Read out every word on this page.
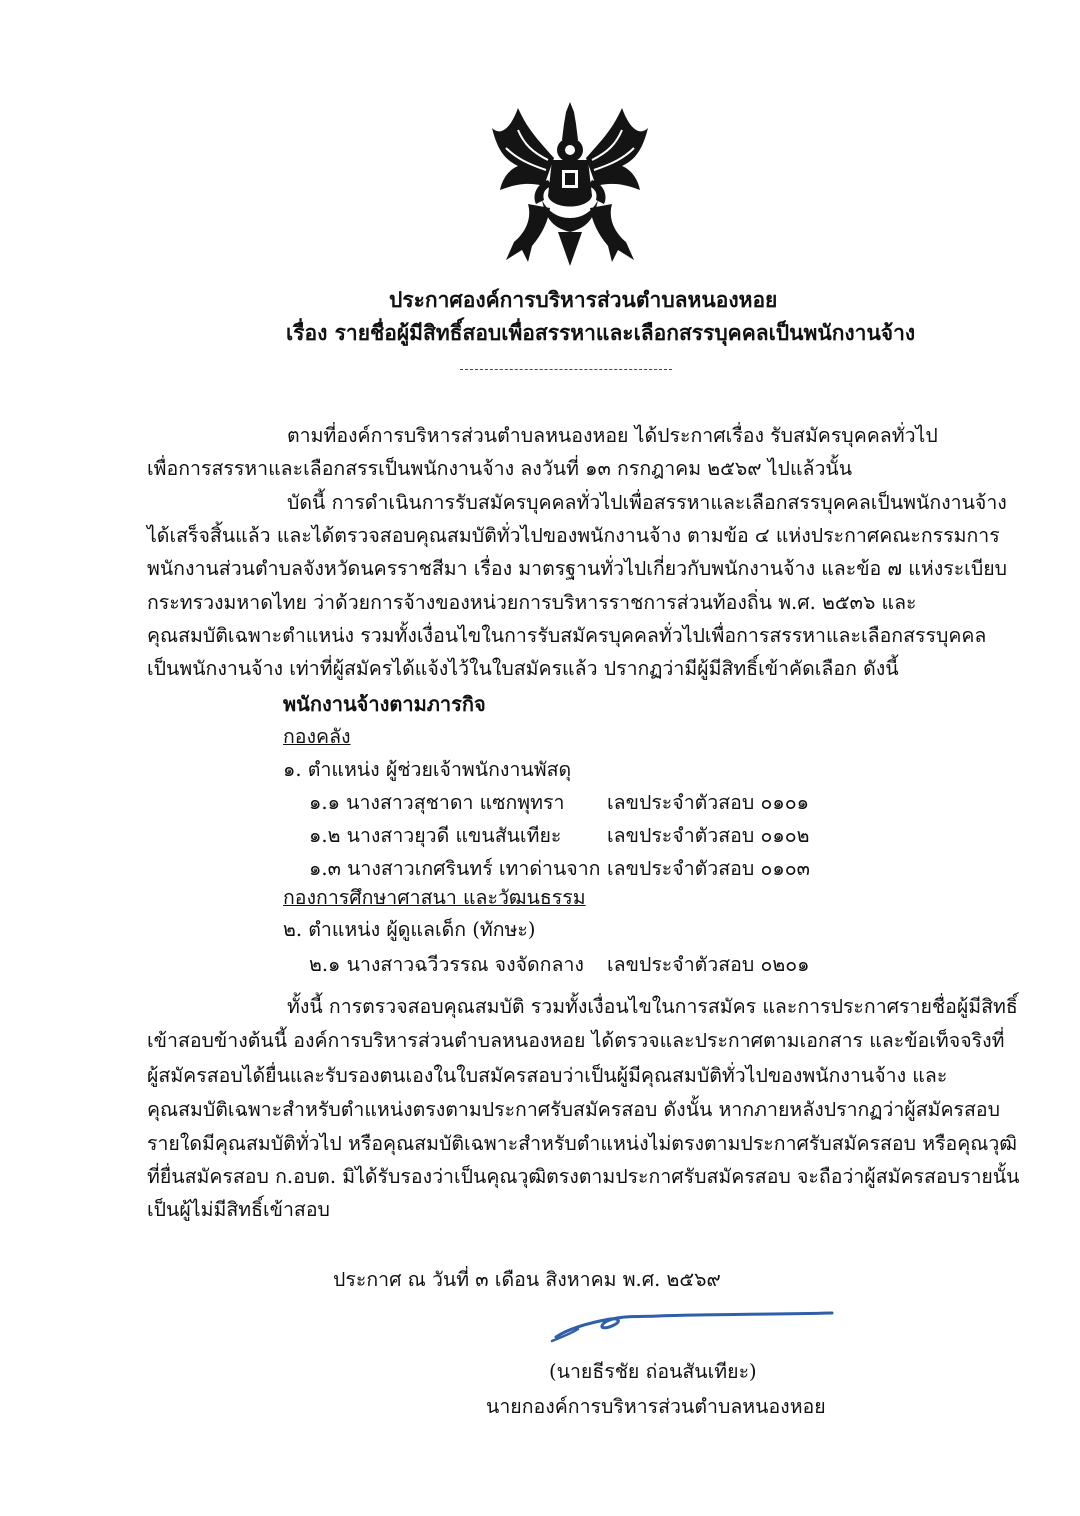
ประกาศองค์การบริหารส่วนตำบลหนองหอย
เรื่อง รายชื่อผู้มีสิทธิ์สอบเพื่อสรรหาและเลือกสรรบุคคลเป็นพนักงานจ้าง
ตามที่องค์การบริหารส่วนตำบลหนองหอย ได้ประกาศเรื่อง รับสมัครบุคคลทั่วไป
เพื่อการสรรหาและเลือกสรรเป็นพนักงานจ้าง ลงวันที่ ๑๓ กรกฎาคม ๒๕๖๙ ไปแล้วนั้น
บัดนี้ การดำเนินการรับสมัครบุคคลทั่วไปเพื่อสรรหาและเลือกสรรบุคคลเป็นพนักงานจ้าง
ได้เสร็จสิ้นแล้ว และได้ตรวจสอบคุณสมบัติทั่วไปของพนักงานจ้าง ตามข้อ ๔ แห่งประกาศคณะกรรมการ
พนักงานส่วนตำบลจังหวัดนครราชสีมา เรื่อง มาตรฐานทั่วไปเกี่ยวกับพนักงานจ้าง และข้อ ๗ แห่งระเบียบ
กระทรวงมหาดไทย ว่าด้วยการจ้างของหน่วยการบริหารราชการส่วนท้องถิ่น พ.ศ. ๒๕๓๖ และ
คุณสมบัติเฉพาะตำแหน่ง รวมทั้งเงื่อนไขในการรับสมัครบุคคลทั่วไปเพื่อการสรรหาและเลือกสรรบุคคล
เป็นพนักงานจ้าง เท่าที่ผู้สมัครได้แจ้งไว้ในใบสมัครแล้ว ปรากฏว่ามีผู้มีสิทธิ์เข้าคัดเลือก ดังนี้
พนักงานจ้างตามภารกิจ
กองคลัง
๑. ตำแหน่ง ผู้ช่วยเจ้าพนักงานพัสดุ
๑.๑ นางสาวสุชาดา แซกพุทรา เลขประจำตัวสอบ ๐๑๐๑
๑.๒ นางสาวยุวดี แขนสันเทียะ เลขประจำตัวสอบ ๐๑๐๒
๑.๓ นางสาวเกศรินทร์ เทาด่านจาก เลขประจำตัวสอบ ๐๑๐๓
กองการศึกษาศาสนา และวัฒนธรรม
๒. ตำแหน่ง ผู้ดูแลเด็ก (ทักษะ)
๒.๑ นางสาวฉวีวรรณ จงจัดกลาง เลขประจำตัวสอบ ๐๒๐๑
ทั้งนี้ การตรวจสอบคุณสมบัติ รวมทั้งเงื่อนไขในการสมัคร และการประกาศรายชื่อผู้มีสิทธิ์
เข้าสอบข้างต้นนี้ องค์การบริหารส่วนตำบลหนองหอย ได้ตรวจและประกาศตามเอกสาร และข้อเท็จจริงที่
ผู้สมัครสอบได้ยื่นและรับรองตนเองในใบสมัครสอบว่าเป็นผู้มีคุณสมบัติทั่วไปของพนักงานจ้าง และ
คุณสมบัติเฉพาะสำหรับตำแหน่งตรงตามประกาศรับสมัครสอบ ดังนั้น หากภายหลังปรากฏว่าผู้สมัครสอบ
รายใดมีคุณสมบัติทั่วไป หรือคุณสมบัติเฉพาะสำหรับตำแหน่งไม่ตรงตามประกาศรับสมัครสอบ หรือคุณวุฒิ
ที่ยื่นสมัครสอบ ก.อบต. มิได้รับรองว่าเป็นคุณวุฒิตรงตามประกาศรับสมัครสอบ จะถือว่าผู้สมัครสอบรายนั้น
เป็นผู้ไม่มีสิทธิ์เข้าสอบ
ประกาศ ณ วันที่ ๓ เดือน สิงหาคม พ.ศ. ๒๕๖๙
(นายธีรชัย ถ่อนสันเทียะ)
นายกองค์การบริหารส่วนตำบลหนองหอย
